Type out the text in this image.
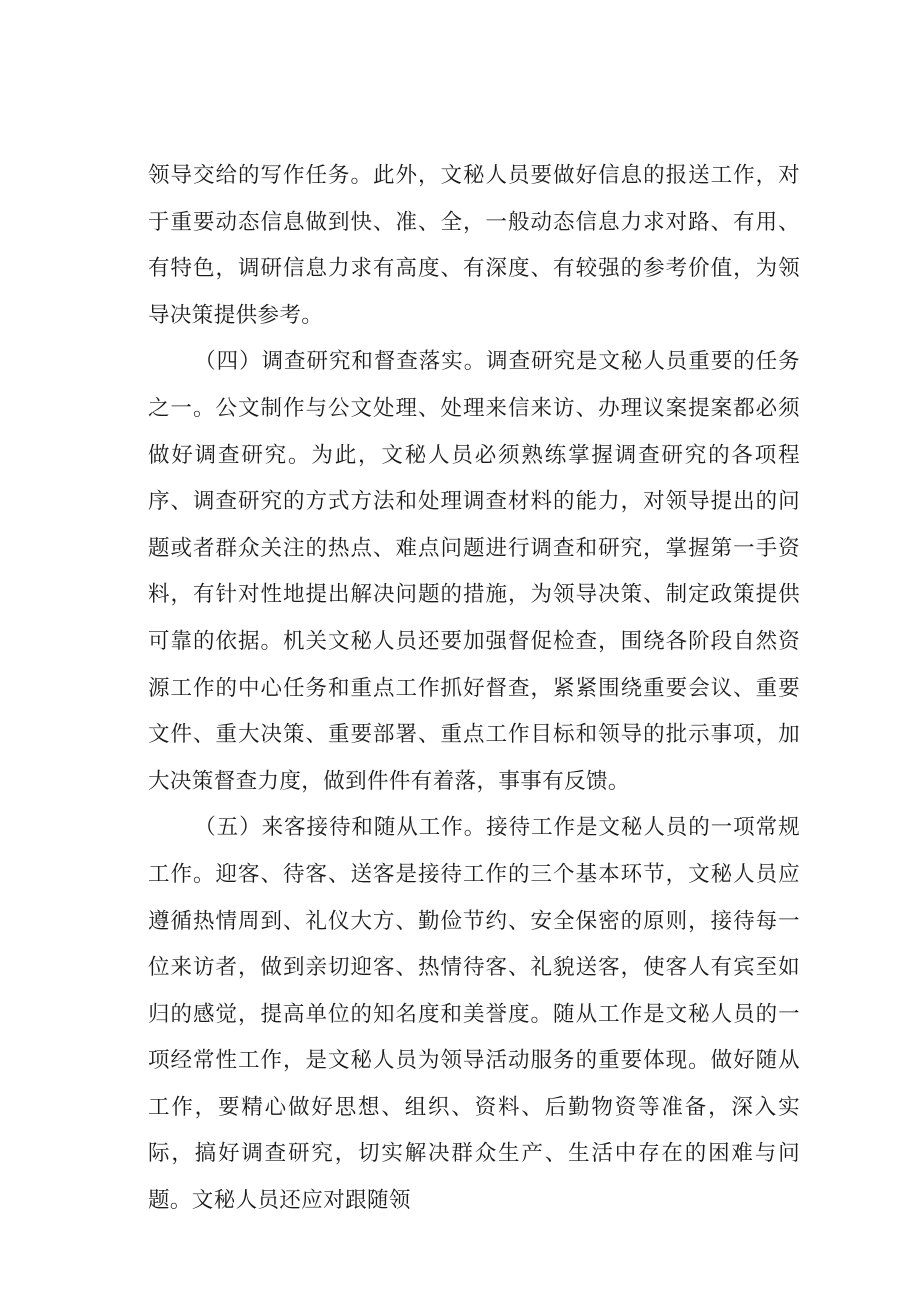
领导交给的写作任务。此外，文秘人员要做好信息的报送工作，对于重要动态信息做到快、准、全，一般动态信息力求对路、有用、有特色，调研信息力求有高度、有深度、有较强的参考价值，为领导决策提供参考。

（四）调查研究和督查落实。调查研究是文秘人员重要的任务之一。公文制作与公文处理、处理来信来访、办理议案提案都必须做好调查研究。为此，文秘人员必须熟练掌握调查研究的各项程序、调查研究的方式方法和处理调查材料的能力，对领导提出的问题或者群众关注的热点、难点问题进行调查和研究，掌握第一手资料，有针对性地提出解决问题的措施，为领导决策、制定政策提供可靠的依据。机关文秘人员还要加强督促检查，围绕各阶段自然资源工作的中心任务和重点工作抓好督查，紧紧围绕重要会议、重要文件、重大决策、重要部署、重点工作目标和领导的批示事项，加大决策督查力度，做到件件有着落，事事有反馈。

（五）来客接待和随从工作。接待工作是文秘人员的一项常规工作。迎客、待客、送客是接待工作的三个基本环节，文秘人员应遵循热情周到、礼仪大方、勤俭节约、安全保密的原则，接待每一位来访者，做到亲切迎客、热情待客、礼貌送客，使客人有宾至如归的感觉，提高单位的知名度和美誉度。随从工作是文秘人员的一项经常性工作，是文秘人员为领导活动服务的重要体现。做好随从工作，要精心做好思想、组织、资料、后勤物资等准备，深入实际，搞好调查研究，切实解决群众生产、生活中存在的困难与问题。文秘人员还应对跟随领
